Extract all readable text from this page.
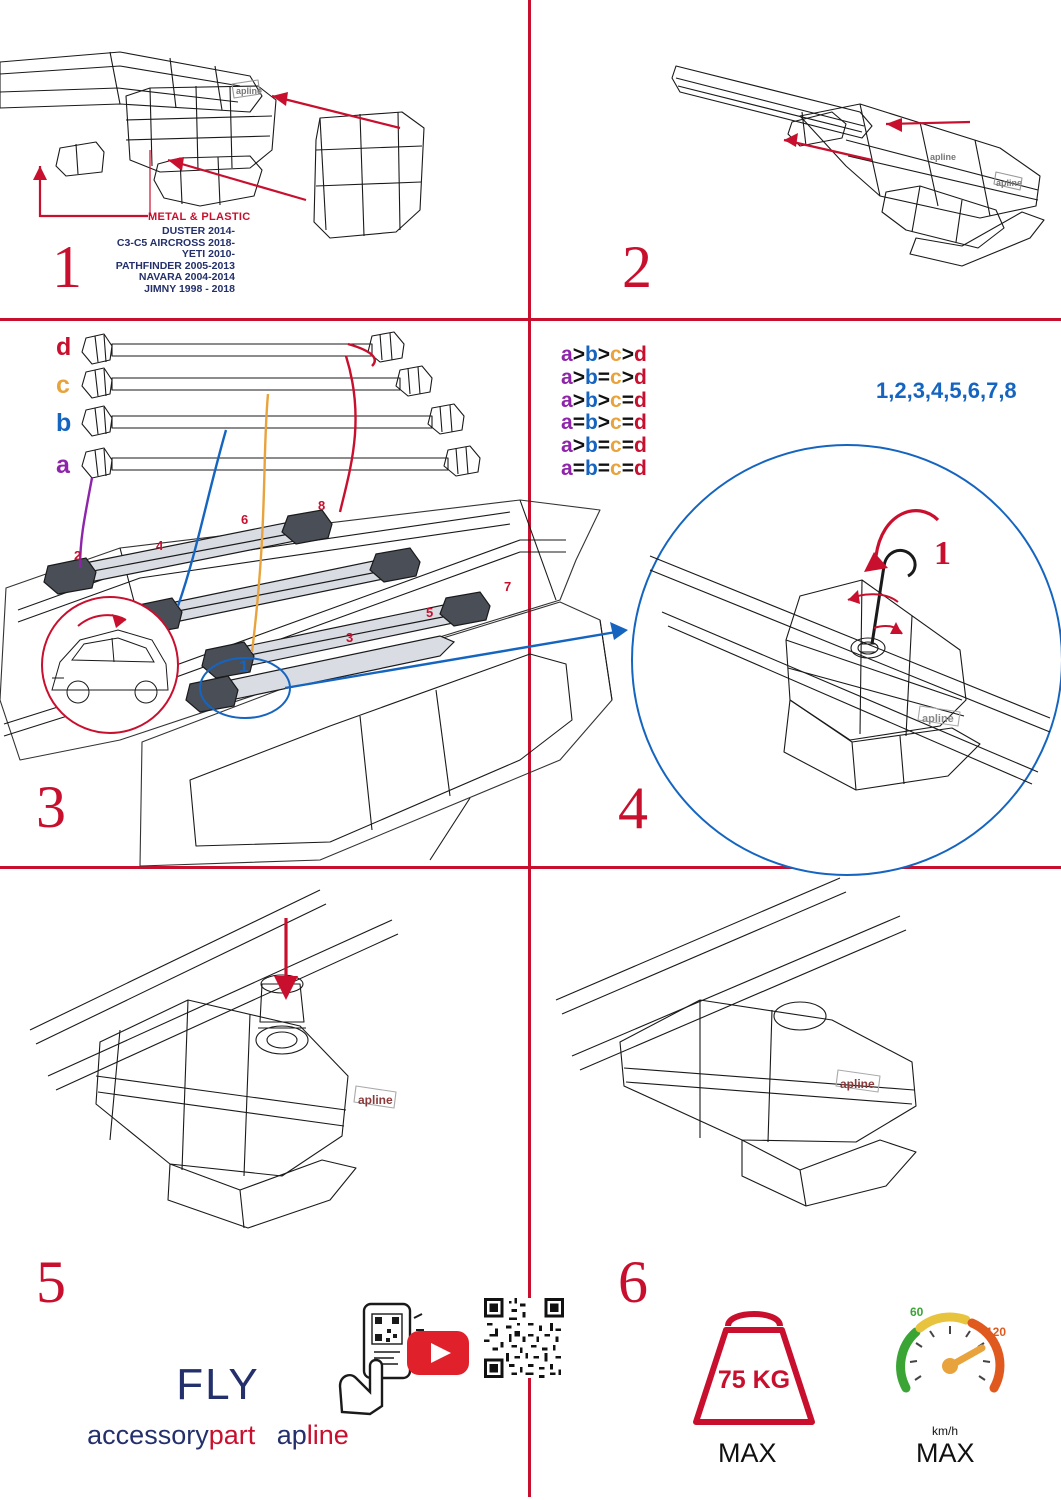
apline
METAL & PLASTIC
DUSTER 2014-
C3-C5 AIRCROSS 2018-
YETI 2010-
PATHFINDER 2005-2013
NAVARA 2004-2014
JIMNY 1998 - 2018
1
apline
apline
2
d
c
b
a
a>b>c>d
a>b=c>d
a>b>c=d
a=b>c=d
a>b=c=d
a=b=c=d
2
4
6
8
7
5
3
1
3
apline
1
1,2,3,4,5,6,7,8
4
apline
apline
5	6
FLY
accessorypart apline
75 KG
MAX
60
120
km/h
MAX
